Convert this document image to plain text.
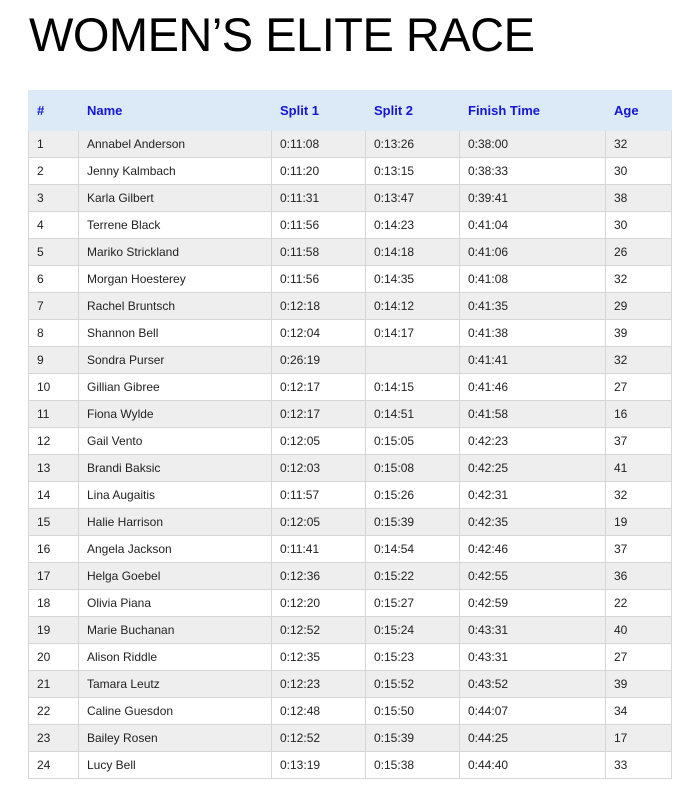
WOMEN’S ELITE RACE
#	Name	Split 1	Split 2	Finish Time	Age
1	Annabel Anderson	0:11:08	0:13:26	0:38:00	32
2	Jenny Kalmbach	0:11:20	0:13:15	0:38:33	30
3	Karla Gilbert	0:11:31	0:13:47	0:39:41	38
4	Terrene Black	0:11:56	0:14:23	0:41:04	30
5	Mariko Strickland	0:11:58	0:14:18	0:41:06	26
6	Morgan Hoesterey	0:11:56	0:14:35	0:41:08	32
7	Rachel Bruntsch	0:12:18	0:14:12	0:41:35	29
8	Shannon Bell	0:12:04	0:14:17	0:41:38	39
9	Sondra Purser	0:26:19		0:41:41	32
10	Gillian Gibree	0:12:17	0:14:15	0:41:46	27
11	Fiona Wylde	0:12:17	0:14:51	0:41:58	16
12	Gail Vento	0:12:05	0:15:05	0:42:23	37
13	Brandi Baksic	0:12:03	0:15:08	0:42:25	41
14	Lina Augaitis	0:11:57	0:15:26	0:42:31	32
15	Halie Harrison	0:12:05	0:15:39	0:42:35	19
16	Angela Jackson	0:11:41	0:14:54	0:42:46	37
17	Helga Goebel	0:12:36	0:15:22	0:42:55	36
18	Olivia Piana	0:12:20	0:15:27	0:42:59	22
19	Marie Buchanan	0:12:52	0:15:24	0:43:31	40
20	Alison Riddle	0:12:35	0:15:23	0:43:31	27
21	Tamara Leutz	0:12:23	0:15:52	0:43:52	39
22	Caline Guesdon	0:12:48	0:15:50	0:44:07	34
23	Bailey Rosen	0:12:52	0:15:39	0:44:25	17
24	Lucy Bell	0:13:19	0:15:38	0:44:40	33
